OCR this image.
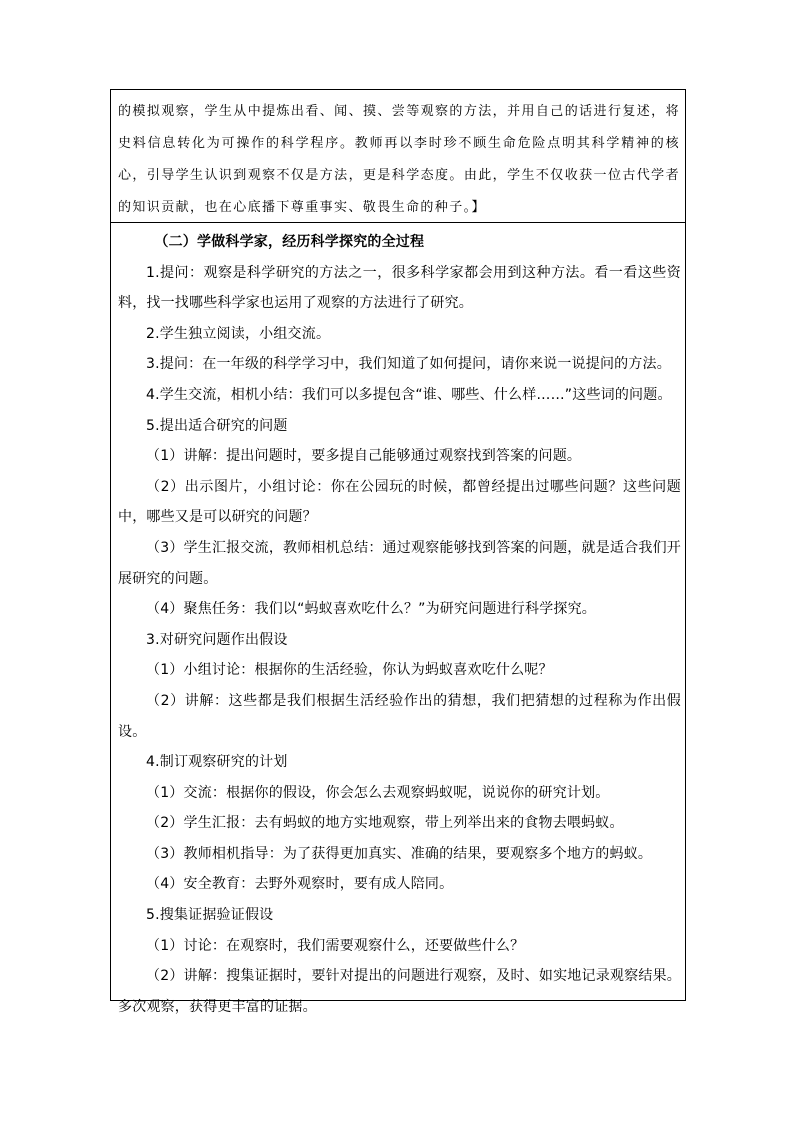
的模拟观察，学生从中提炼出看、闻、摸、尝等观察的方法，并用自己的话进行复述，将史料信息转化为可操作的科学程序。教师再以李时珍不顾生命危险点明其科学精神的核心，引导学生认识到观察不仅是方法，更是科学态度。由此，学生不仅收获一位古代学者的知识贡献，也在心底播下尊重事实、敬畏生命的种子。】

（二）学做科学家，经历科学探究的全过程

1.提问：观察是科学研究的方法之一，很多科学家都会用到这种方法。看一看这些资料，找一找哪些科学家也运用了观察的方法进行了研究。

2.学生独立阅读，小组交流。

3.提问：在一年级的科学学习中，我们知道了如何提问，请你来说一说提问的方法。

4.学生交流，相机小结：我们可以多提包含“谁、哪些、什么样……”这些词的问题。

5.提出适合研究的问题

（1）讲解：提出问题时，要多提自己能够通过观察找到答案的问题。

（2）出示图片，小组讨论：你在公园玩的时候，都曾经提出过哪些问题？这些问题中，哪些又是可以研究的问题？

（3）学生汇报交流，教师相机总结：通过观察能够找到答案的问题，就是适合我们开展研究的问题。

（4）聚焦任务：我们以“蚂蚁喜欢吃什么？”为研究问题进行科学探究。

3.对研究问题作出假设

（1）小组讨论：根据你的生活经验，你认为蚂蚁喜欢吃什么呢？

（2）讲解：这些都是我们根据生活经验作出的猜想，我们把猜想的过程称为作出假设。

4.制订观察研究的计划

（1）交流：根据你的假设，你会怎么去观察蚂蚁呢，说说你的研究计划。

（2）学生汇报：去有蚂蚁的地方实地观察，带上列举出来的食物去喂蚂蚁。

（3）教师相机指导：为了获得更加真实、准确的结果，要观察多个地方的蚂蚁。

（4）安全教育：去野外观察时，要有成人陪同。

5.搜集证据验证假设

（1）讨论：在观察时，我们需要观察什么，还要做些什么？

（2）讲解：搜集证据时，要针对提出的问题进行观察，及时、如实地记录观察结果。多次观察，获得更丰富的证据。
